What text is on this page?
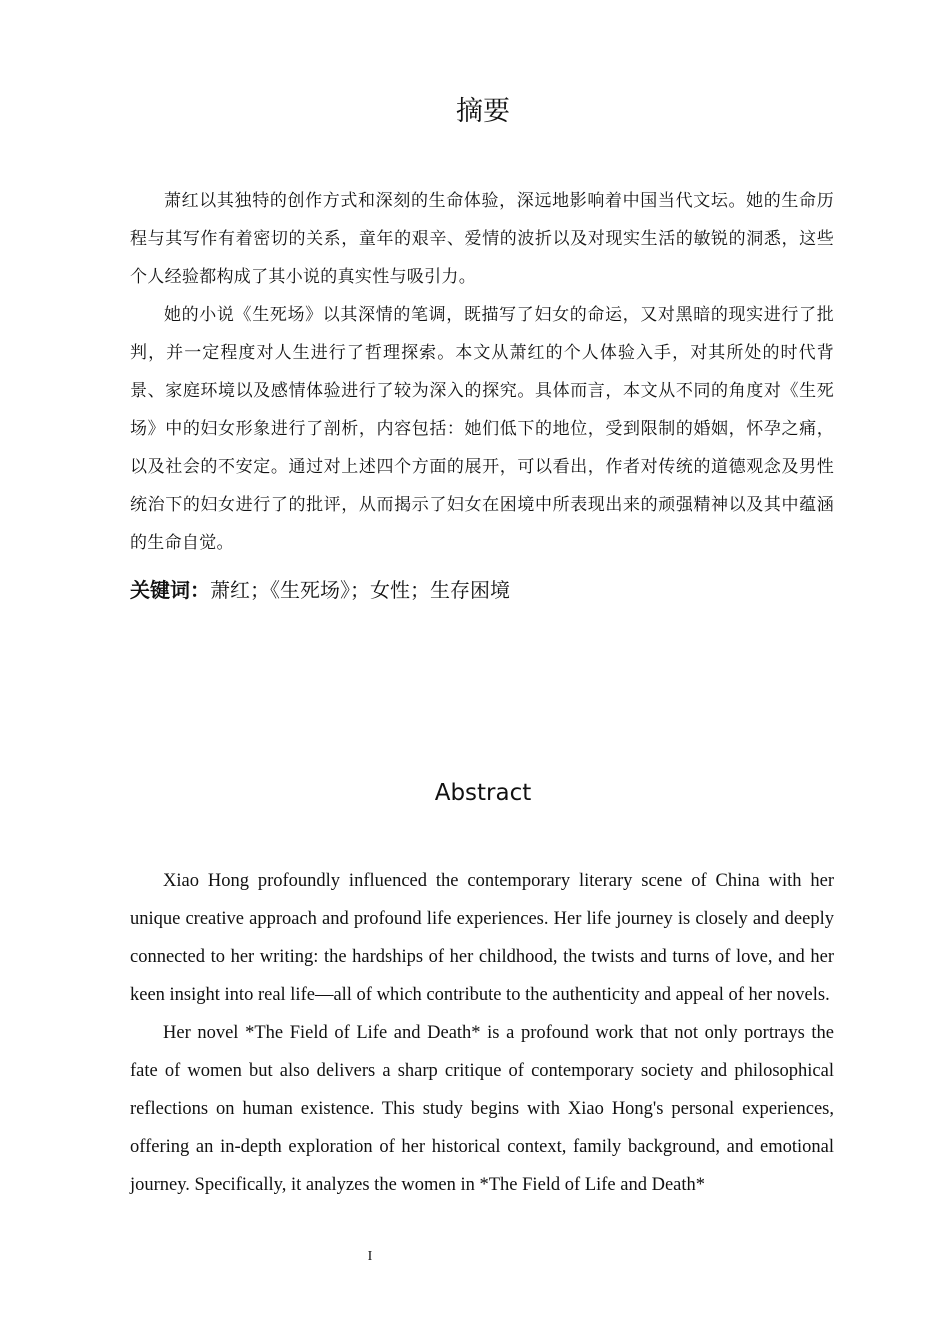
摘要

萧红以其独特的创作方式和深刻的生命体验，深远地影响着中国当代文坛。她的生命历程与其写作有着密切的关系，童年的艰辛、爱情的波折以及对现实生活的敏锐的洞悉，这些个人经验都构成了其小说的真实性与吸引力。

她的小说《生死场》以其深情的笔调，既描写了妇女的命运，又对黑暗的现实进行了批判，并一定程度对人生进行了哲理探索。本文从萧红的个人体验入手，对其所处的时代背景、家庭环境以及感情体验进行了较为深入的探究。具体而言，本文从不同的角度对《生死场》中的妇女形象进行了剖析，内容包括：她们低下的地位，受到限制的婚姻，怀孕之痛，以及社会的不安定。通过对上述四个方面的展开，可以看出，作者对传统的道德观念及男性统治下的妇女进行了的批评，从而揭示了妇女在困境中所表现出来的顽强精神以及其中蕴涵的生命自觉。

关键词：萧红；《生死场》；女性；生存困境
Abstract

Xiao Hong profoundly influenced the contemporary literary scene of China with her unique creative approach and profound life experiences. Her life journey is closely and deeply connected to her writing: the hardships of her childhood, the twists and turns of love, and her keen insight into real life—all of which contribute to the authenticity and appeal of her novels.

Her novel *The Field of Life and Death* is a profound work that not only portrays the fate of women but also delivers a sharp critique of contemporary society and philosophical reflections on human existence. This study begins with Xiao Hong's personal experiences, offering an in-depth exploration of her historical context, family background, and emotional journey. Specifically, it analyzes the women in *The Field of Life and Death*

I
